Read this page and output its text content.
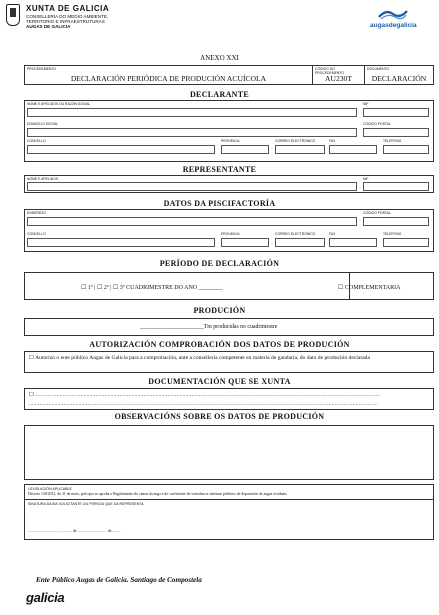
XUNTA DE GALICIA
CONSELLERÍA DO MEDIO AMBIENTE,
TERRITORIO E INFRAESTRUTURAS
AUGAS DE GALICIA	augasdegalicia
ANEXO XXI
PROCEDEMENTO
DECLARACIÓN PERIÓDICA DE PRODUCIÓN ACUÍCOLA
CÓDIGO DO PROCEDEMENTO
AU230T
DOCUMENTO
DECLARACIÓN
DECLARANTE
NOME E APELIDOS OU RAZÓN SOCIAL	NIF
DOMICILIO SOCIAL	CÓDIGO POSTAL
CONCELLO	PROVINCIA	CORREO ELECTRÓNICO	FAX	TELÉFONO
REPRESENTANTE
NOME E APELIDOS	NIF
DATOS DA PISCIFACTORÍA
ENDEREZO	CÓDIGO POSTAL
CONCELLO	PROVINCIA	CORREO ELECTRÓNICO	FAX	TELÉFONO
PERÍODO DE DECLARACIÓN
☐ 1º | ☐ 2º | ☐ 3º CUADRIMESTRE DO ANO ________	☐ COMPLEMENTARIA
PRODUCIÓN
______________________Tm producidas no cuadrimestre
AUTORIZACIÓN COMPROBACIÓN DOS DATOS DE PRODUCIÓN
☐ Autorizo o ente público Augas de Galicia para a comprobación, ante a consellería competente en materia de gandaría, do dato de produción declarada
DOCUMENTACIÓN QUE SE XUNTA
☐ ......................................................................................................................................................................................................................................
.........................................................................................................................................................................................................................................
OBSERVACIÓNS SOBRE OS DATOS DE PRODUCIÓN
LEXISLACIÓN APLICABLE
Decreto 130/2012, do 31 de maio, polo que se aproba o Regulamento do canon da auga e do coeficiente de vertedura a sistemas públicos de depuración de augas residuais
SINATURA DA/DA SOLICITANTE OU PERSOA QUE DA REPRESENTA
.................................., ........ de ............................. de ........
Ente Público Augas de Galicia. Santiago de Compostela
galicia
